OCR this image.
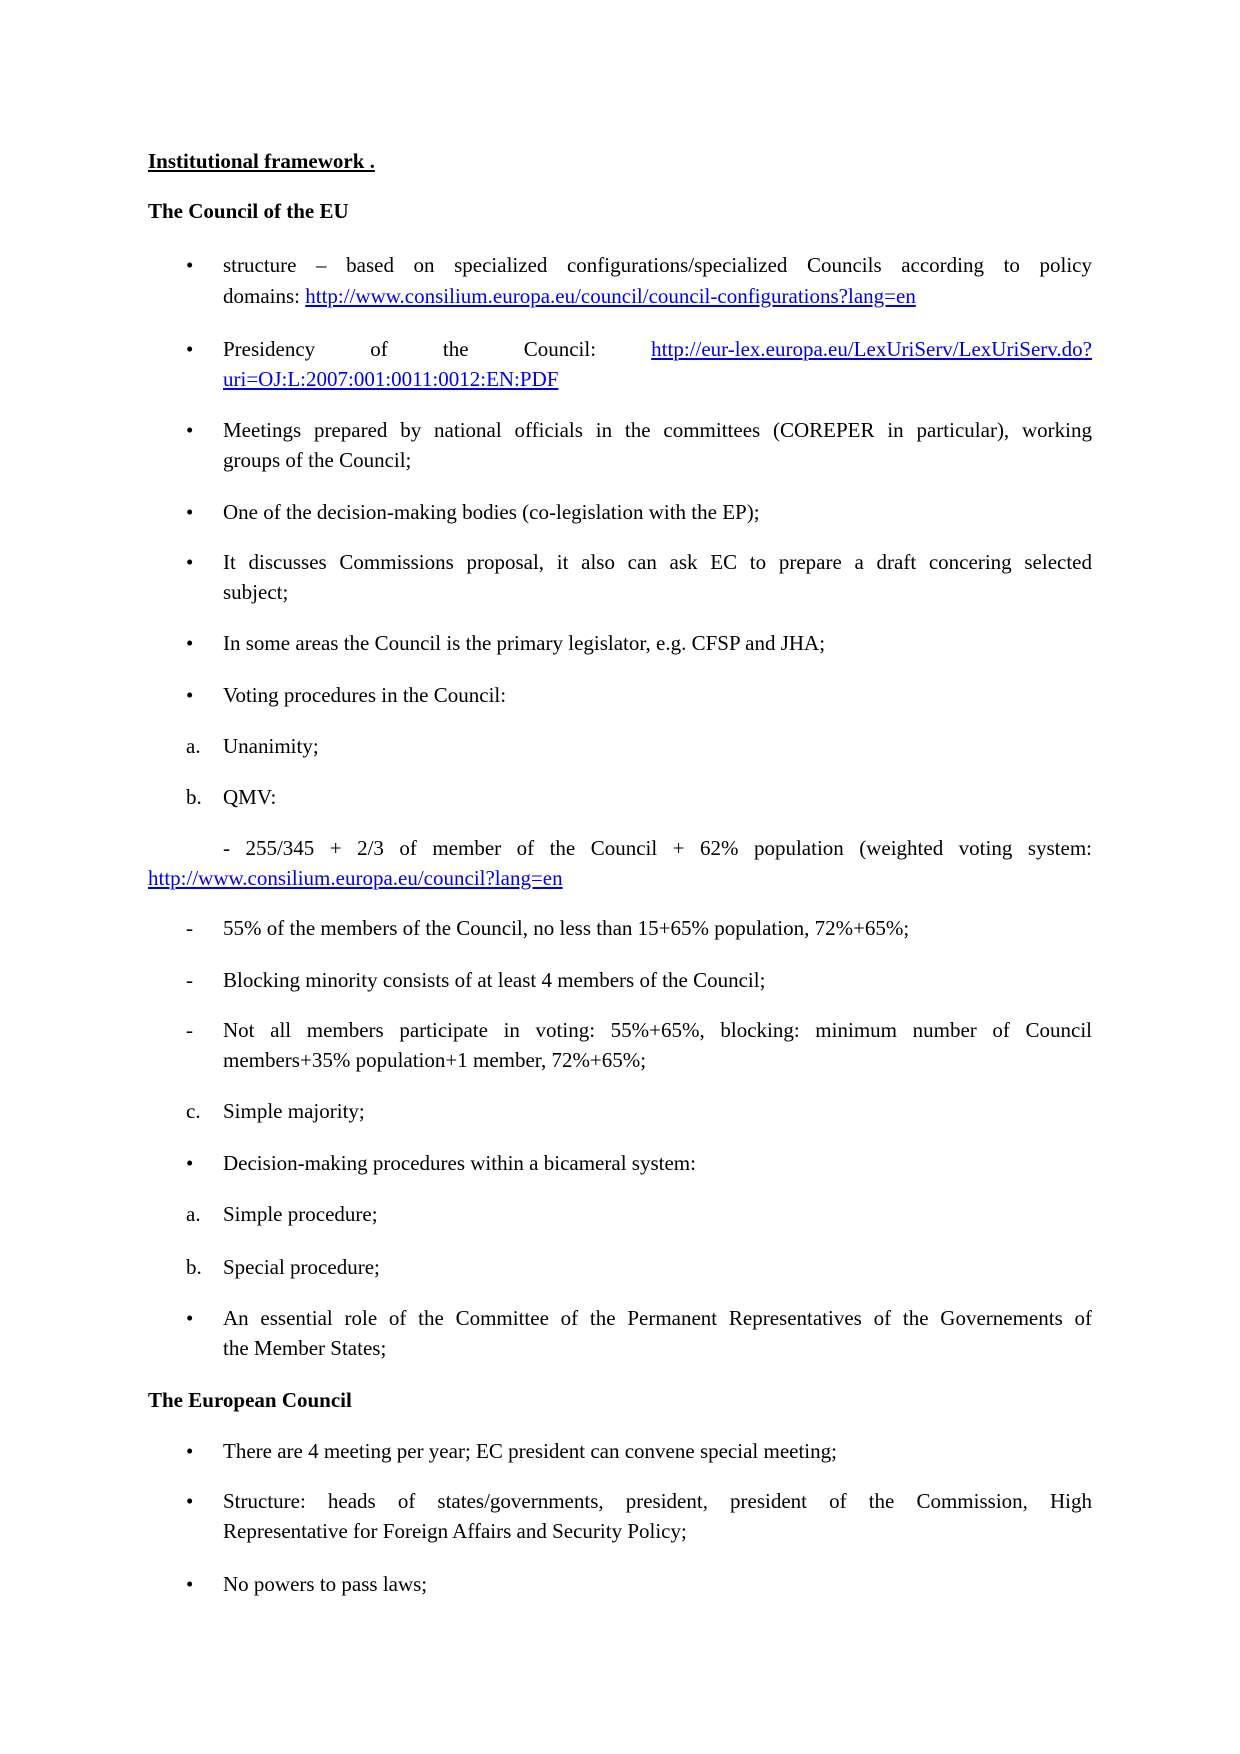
Institutional framework .
The Council of the EU
• structure – based on specialized configurations/specialized Councils according to policy
domains: http://www.consilium.europa.eu/council/council-configurations?lang=en
• Presidency of the Council: http://eur-lex.europa.eu/LexUriServ/LexUriServ.do?
uri=OJ:L:2007:001:0011:0012:EN:PDF
• Meetings prepared by national officials in the committees (COREPER in particular), working
groups of the Council;
• One of the decision-making bodies (co-legislation with the EP);
• It discusses Commissions proposal, it also can ask EC to prepare a draft concering selected
subject;
• In some areas the Council is the primary legislator, e.g. CFSP and JHA;
• Voting procedures in the Council:
a. Unanimity;
b. QMV:
- 255/345 + 2/3 of member of the Council + 62% population (weighted voting system:
http://www.consilium.europa.eu/council?lang=en
- 55% of the members of the Council, no less than 15+65% population, 72%+65%;
- Blocking minority consists of at least 4 members of the Council;
- Not all members participate in voting: 55%+65%, blocking: minimum number of Council
members+35% population+1 member, 72%+65%;
c. Simple majority;
• Decision-making procedures within a bicameral system:
a. Simple procedure;
b. Special procedure;
• An essential role of the Committee of the Permanent Representatives of the Governements of
the Member States;
The European Council
• There are 4 meeting per year; EC president can convene special meeting;
• Structure: heads of states/governments, president, president of the Commission, High
Representative for Foreign Affairs and Security Policy;
• No powers to pass laws;
